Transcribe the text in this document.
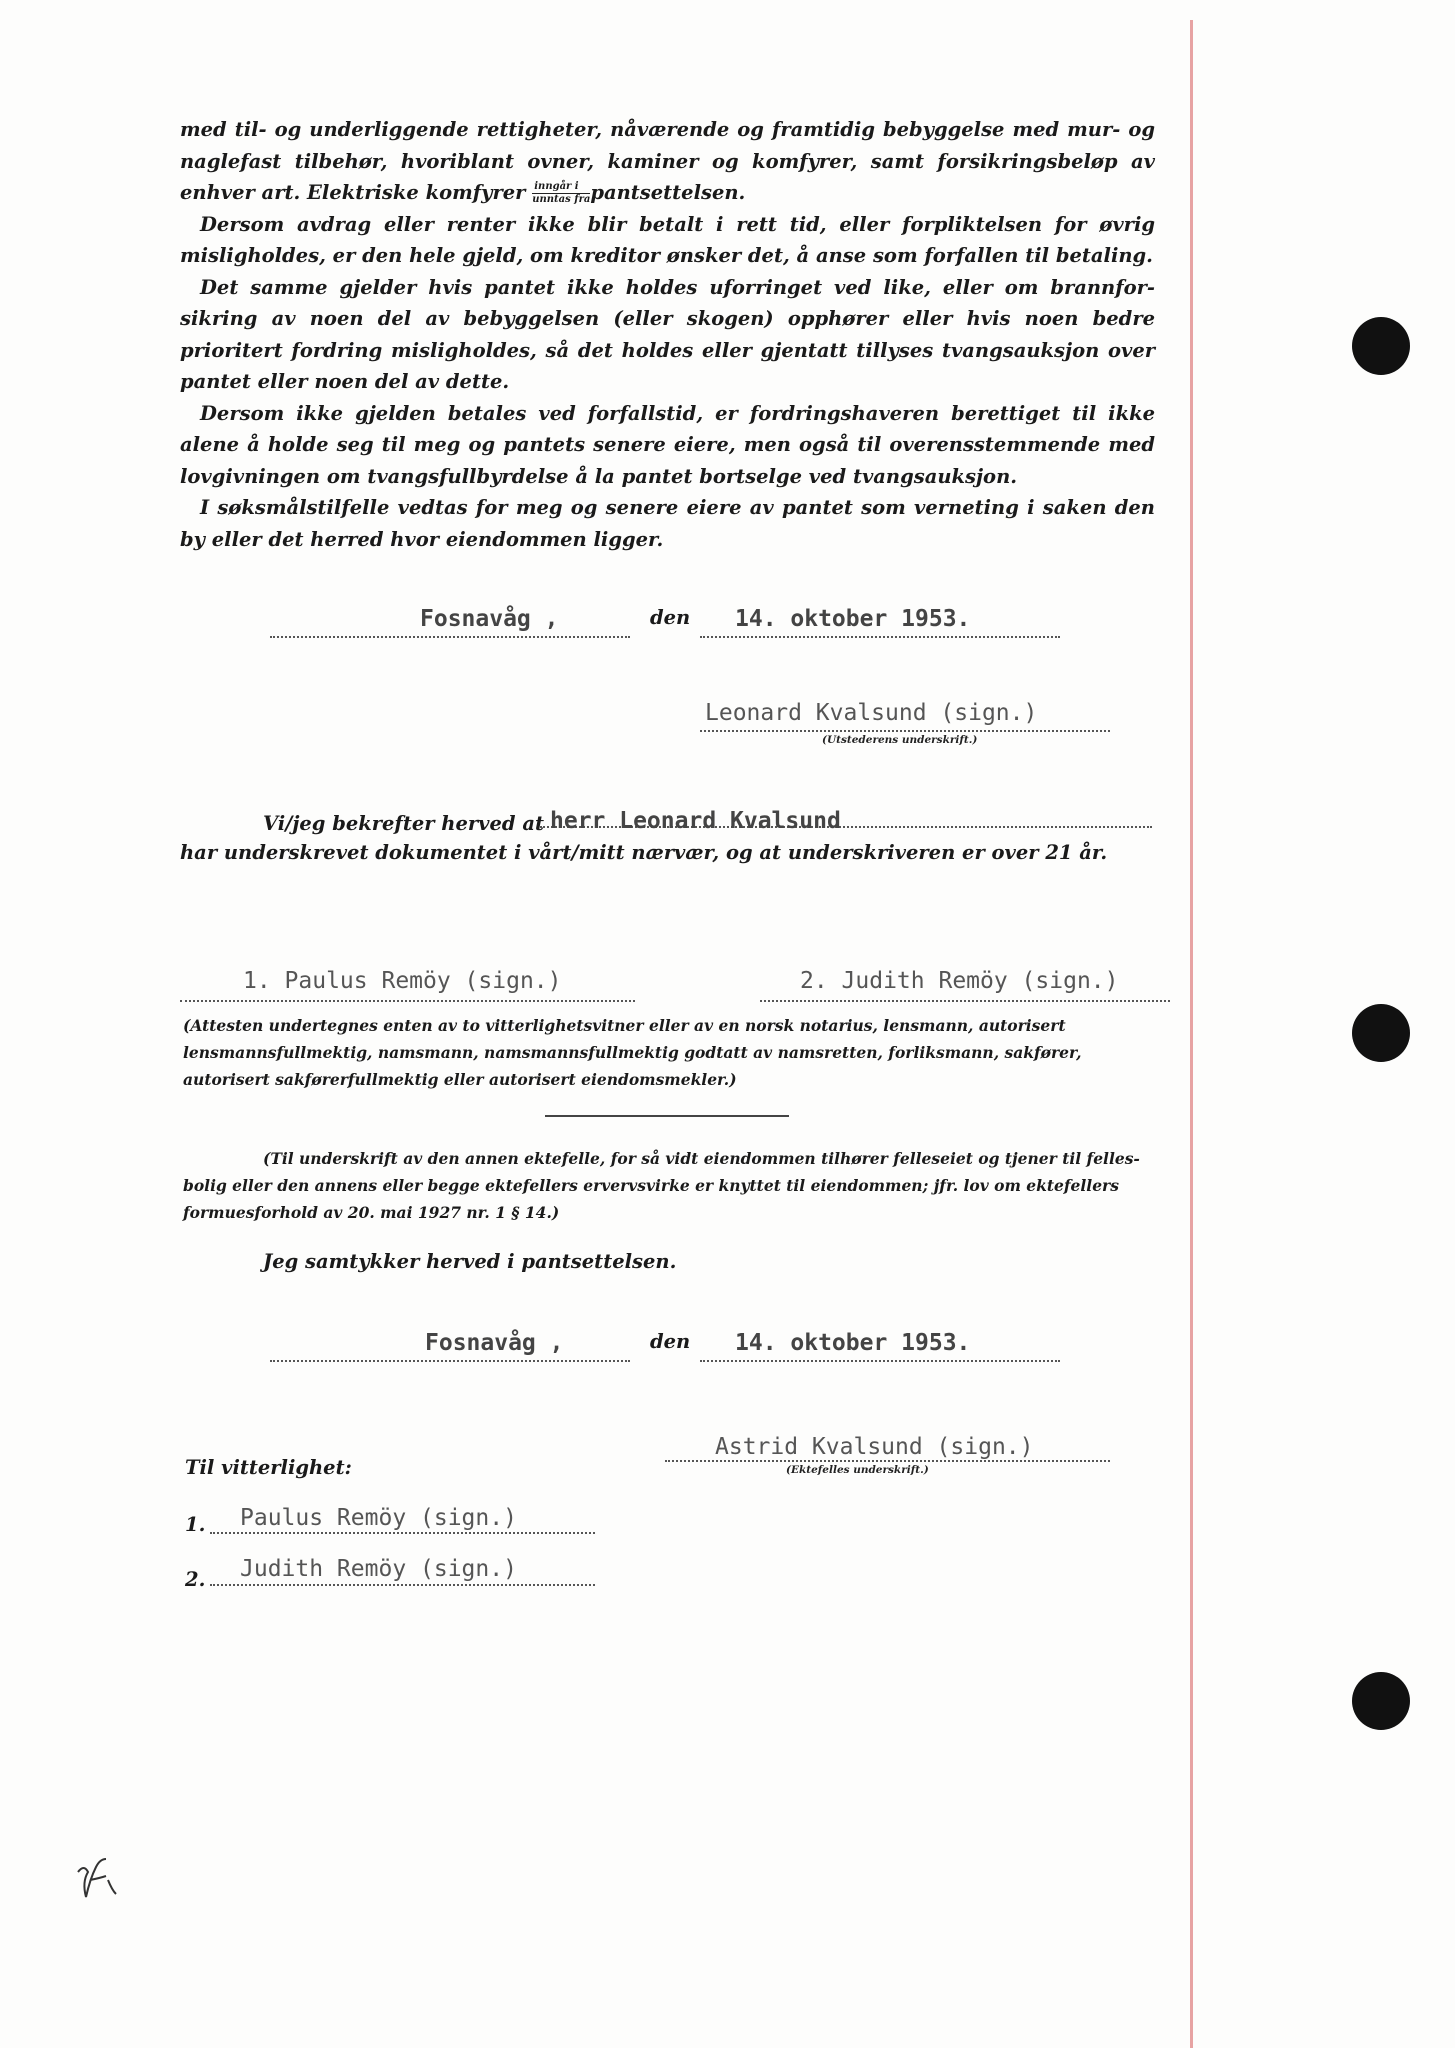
med til- og underliggende rettigheter, nåværende og framtidig bebyggelse med mur- og naglefast tilbehør, hvoriblant ovner, kaminer og komfyrer, samt forsikringsbeløp av enhver art. Elektriske komfyrer $\frac{\text{inngår i}}{\text{unntas fra}}$ pantsettelsen.

Dersom avdrag eller renter ikke blir betalt i rett tid, eller forpliktelsen for øvrig misligholdes, er den hele gjeld, om kreditor ønsker det, å anse som forfallen til betaling.

Det samme gjelder hvis pantet ikke holdes uforringet ved like, eller om brannforsikring av noen del av bebyggelsen (eller skogen) opphører eller hvis noen bedre prioritert fordring misligholdes, så det holdes eller gjentatt tillyses tvangsauksjon over pantet eller noen del av dette.

Dersom ikke gjelden betales ved forfallstid, er fordringshaveren berettiget til ikke alene å holde seg til meg og pantets senere eiere, men også til overensstemmende med lovgivningen om tvangsfullbyrdelse å la pantet bortselge ved tvangsauksjon.

I søksmålstilfelle vedtas for meg og senere eiere av pantet som verneting i saken den by eller det herred hvor eiendommen ligger.

Fosnavåg ,	den 14. oktober 1953.
Leonard Kvalsund (sign.)
(Utstederens underskrift.)
Vi/jeg bekrefter herved at herr Leonard Kvalsund
har underskrevet dokumentet i vårt/mitt nærvær, og at underskriveren er over 21 år.
1. Paulus Remöy (sign.)	2. Judith Remöy (sign.)

(Attesten undertegnes enten av to vitterlighetsvitner eller av en norsk notarius, lensmann, autorisert lensmannsfullmektig, namsmann, namsmannsfullmektig godtatt av namsretten, forliksmann, sakfører, autorisert sakførerfullmektig eller autorisert eiendomsmekler.)

(Til underskrift av den annen ektefelle, for så vidt eiendommen tilhører felleseiet og tjener til fellesbolig eller den annens eller begge ektefellers ervervsvirke er knyttet til eiendommen; jfr. lov om ektefellers formuesforhold av 20. mai 1927 nr. 1 § 14.)

Jeg samtykker herved i pantsettelsen.
Fosnavåg ,	den 14. oktober 1953.
Astrid Kvalsund (sign.)
(Ektefelles underskrift.)
Til vitterlighet:
1. Paulus Remöy (sign.)
2. Judith Remöy (sign.)
